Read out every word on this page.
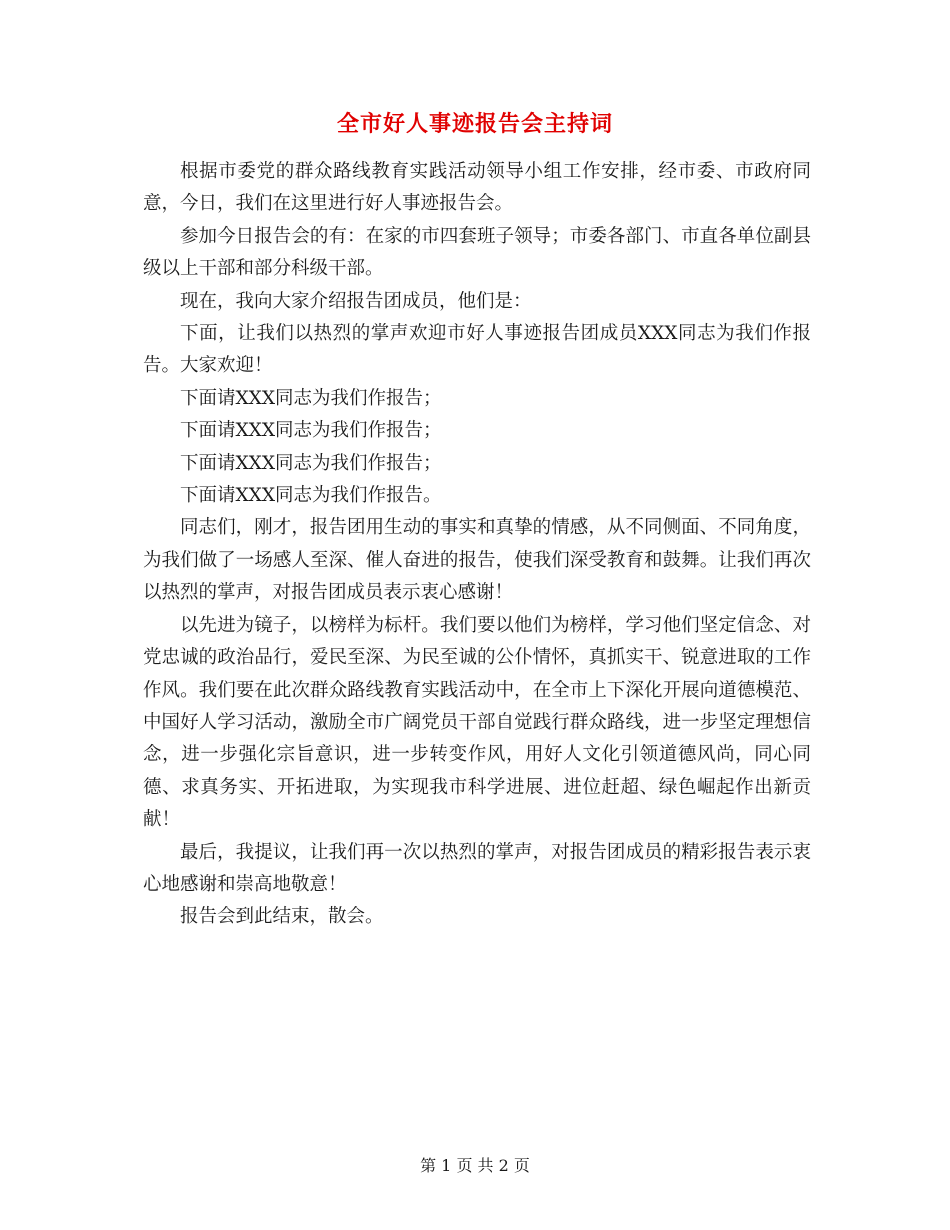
全市好人事迹报告会主持词

根据市委党的群众路线教育实践活动领导小组工作安排，经市委、市政府同意，今日，我们在这里进行好人事迹报告会。

参加今日报告会的有：在家的市四套班子领导；市委各部门、市直各单位副县级以上干部和部分科级干部。

现在，我向大家介绍报告团成员，他们是：

下面，让我们以热烈的掌声欢迎市好人事迹报告团成员XXX同志为我们作报告。大家欢迎！

下面请XXX同志为我们作报告；

下面请XXX同志为我们作报告；

下面请XXX同志为我们作报告；

下面请XXX同志为我们作报告。

同志们，刚才，报告团用生动的事实和真挚的情感，从不同侧面、不同角度，为我们做了一场感人至深、催人奋进的报告，使我们深受教育和鼓舞。让我们再次以热烈的掌声，对报告团成员表示衷心感谢！

以先进为镜子，以榜样为标杆。我们要以他们为榜样，学习他们坚定信念、对党忠诚的政治品行，爱民至深、为民至诚的公仆情怀，真抓实干、锐意进取的工作作风。我们要在此次群众路线教育实践活动中，在全市上下深化开展向道德模范、中国好人学习活动，激励全市广阔党员干部自觉践行群众路线，进一步坚定理想信念，进一步强化宗旨意识，进一步转变作风，用好人文化引领道德风尚，同心同德、求真务实、开拓进取，为实现我市科学进展、进位赶超、绿色崛起作出新贡献！

最后，我提议，让我们再一次以热烈的掌声，对报告团成员的精彩报告表示衷心地感谢和崇高地敬意！

报告会到此结束，散会。

第 1 页 共 2 页
